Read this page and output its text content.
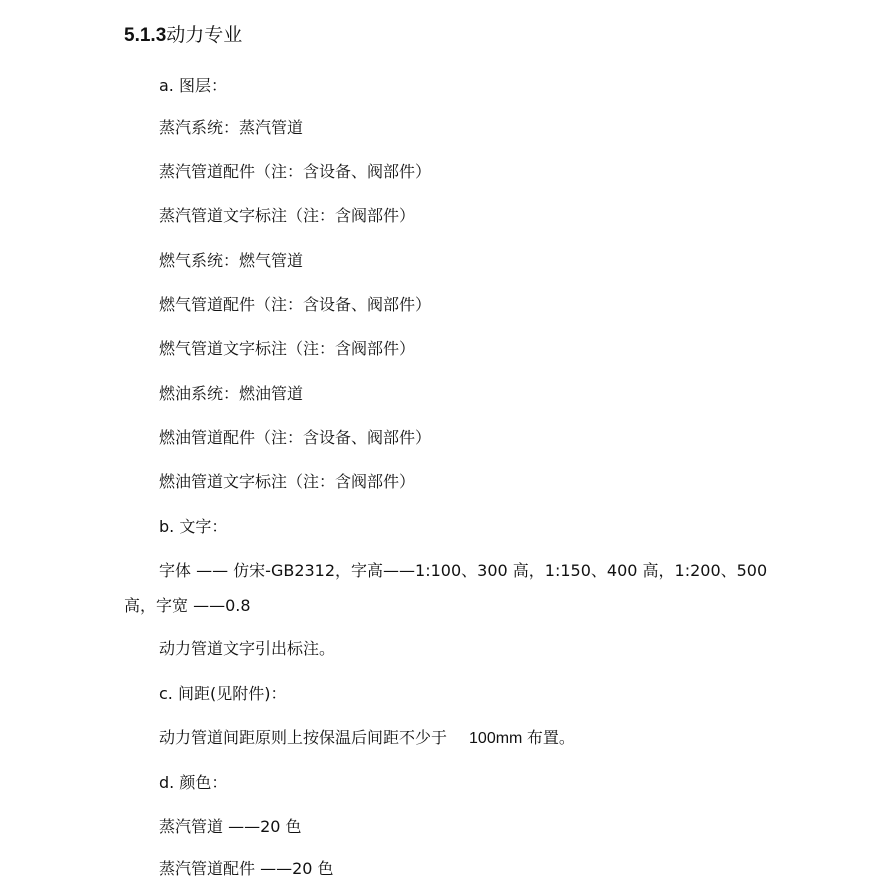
5.1.3动力专业
a. 图层：
蒸汽系统：蒸汽管道
蒸汽管道配件（注：含设备、阀部件）
蒸汽管道文字标注（注：含阀部件）
燃气系统：燃气管道
燃气管道配件（注：含设备、阀部件）
燃气管道文字标注（注：含阀部件）
燃油系统：燃油管道
燃油管道配件（注：含设备、阀部件）
燃油管道文字标注（注：含阀部件）
b. 文字：
字体 —— 仿宋-GB2312，字高——1:100、300 高，1:150、400 高，1:200、500
高，字宽 ——0.8
动力管道文字引出标注。
c. 间距(见附件)：
动力管道间距原则上按保温后间距不少于 100mm 布置。
d. 颜色：
蒸汽管道 ——20 色
蒸汽管道配件 ——20 色
